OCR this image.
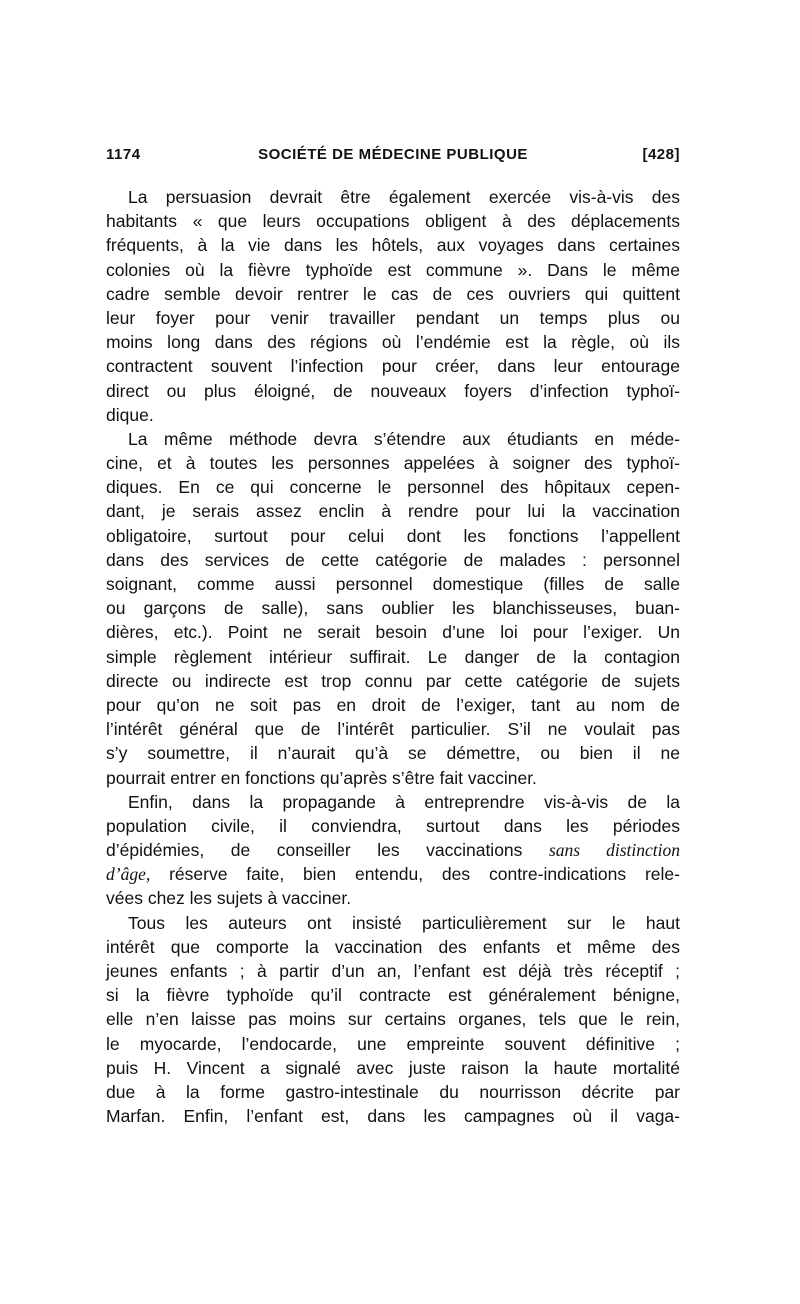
1174	SOCIÉTÉ DE MÉDECINE PUBLIQUE	[428]
La persuasion devrait être également exercée vis-à-vis des
habitants « que leurs occupations obligent à des déplacements
fréquents, à la vie dans les hôtels, aux voyages dans certaines
colonies où la fièvre typhoïde est commune ». Dans le même
cadre semble devoir rentrer le cas de ces ouvriers qui quittent
leur foyer pour venir travailler pendant un temps plus ou
moins long dans des régions où l’endémie est la règle, où ils
contractent souvent l’infection pour créer, dans leur entourage
direct ou plus éloigné, de nouveaux foyers d’infection typhoï-
dique.
La même méthode devra s’étendre aux étudiants en méde-
cine, et à toutes les personnes appelées à soigner des typhoï-
diques. En ce qui concerne le personnel des hôpitaux cepen-
dant, je serais assez enclin à rendre pour lui la vaccination
obligatoire, surtout pour celui dont les fonctions l’appellent
dans des services de cette catégorie de malades : personnel
soignant, comme aussi personnel domestique (filles de salle
ou garçons de salle), sans oublier les blanchisseuses, buan-
dières, etc.). Point ne serait besoin d’une loi pour l’exiger. Un
simple règlement intérieur suffirait. Le danger de la contagion
directe ou indirecte est trop connu par cette catégorie de sujets
pour qu’on ne soit pas en droit de l’exiger, tant au nom de
l’intérêt général que de l’intérêt particulier. S’il ne voulait pas
s’y soumettre, il n’aurait qu’à se démettre, ou bien il ne
pourrait entrer en fonctions qu’après s’être fait vacciner.
Enfin, dans la propagande à entreprendre vis-à-vis de la
population civile, il conviendra, surtout dans les périodes
d’épidémies, de conseiller les vaccinations sans distinction
d’âge, réserve faite, bien entendu, des contre-indications rele-
vées chez les sujets à vacciner.
Tous les auteurs ont insisté particulièrement sur le haut
intérêt que comporte la vaccination des enfants et même des
jeunes enfants ; à partir d’un an, l’enfant est déjà très réceptif ;
si la fièvre typhoïde qu’il contracte est généralement bénigne,
elle n’en laisse pas moins sur certains organes, tels que le rein,
le myocarde, l’endocarde, une empreinte souvent définitive ;
puis H. Vincent a signalé avec juste raison la haute mortalité
due à la forme gastro-intestinale du nourrisson décrite par
Marfan. Enfin, l’enfant est, dans les campagnes où il vaga-
